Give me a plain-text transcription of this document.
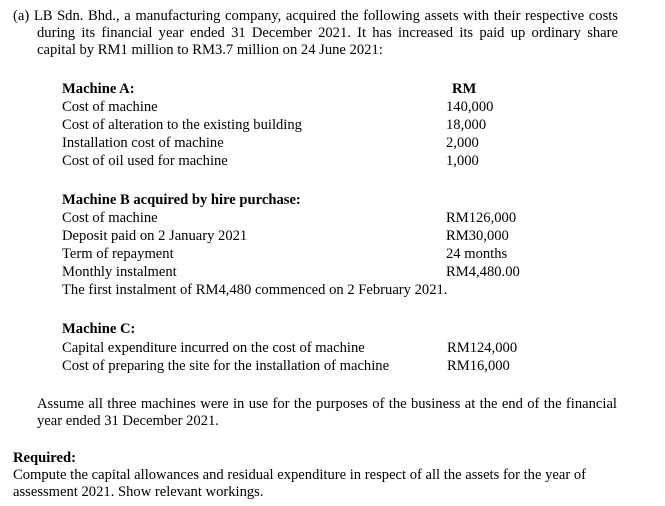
(a) LB Sdn. Bhd., a manufacturing company, acquired the following assets with their respective costs during its financial year ended 31 December 2021. It has increased its paid up ordinary share capital by RM1 million to RM3.7 million on 24 June 2021:
Machine A:	RM
Cost of machine	140,000
Cost of alteration to the existing building	18,000
Installation cost of machine	2,000
Cost of oil used for machine	1,000
Machine B acquired by hire purchase:
Cost of machine	RM126,000
Deposit paid on 2 January 2021	RM30,000
Term of repayment	24 months
Monthly instalment	RM4,480.00
The first instalment of RM4,480 commenced on 2 February 2021.
Machine C:
Capital expenditure incurred on the cost of machine	RM124,000
Cost of preparing the site for the installation of machine	RM16,000
Assume all three machines were in use for the purposes of the business at the end of the financial year ended 31 December 2021.
Required:
Compute the capital allowances and residual expenditure in respect of all the assets for the year of assessment 2021. Show relevant workings.
